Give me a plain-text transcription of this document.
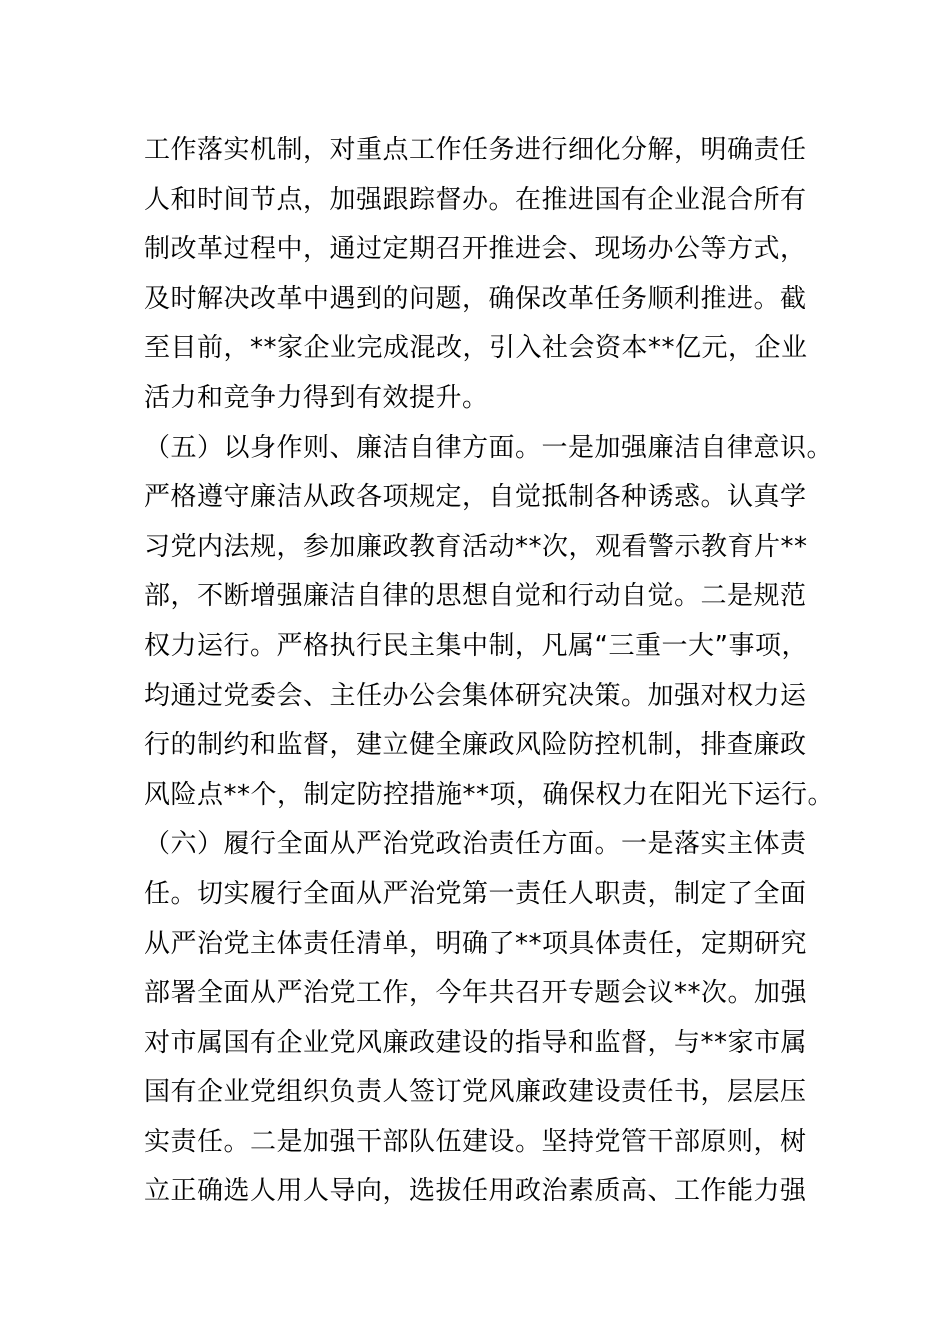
工作落实机制，对重点工作任务进行细化分解，明确责任
人和时间节点，加强跟踪督办。在推进国有企业混合所有
制改革过程中，通过定期召开推进会、现场办公等方式，
及时解决改革中遇到的问题，确保改革任务顺利推进。截
至目前，**家企业完成混改，引入社会资本**亿元，企业
活力和竞争力得到有效提升。
（五）以身作则、廉洁自律方面。一是加强廉洁自律意识。
严格遵守廉洁从政各项规定，自觉抵制各种诱惑。认真学
习党内法规，参加廉政教育活动**次，观看警示教育片**
部，不断增强廉洁自律的思想自觉和行动自觉。二是规范
权力运行。严格执行民主集中制，凡属“三重一大”事项，
均通过党委会、主任办公会集体研究决策。加强对权力运
行的制约和监督，建立健全廉政风险防控机制，排查廉政
风险点**个，制定防控措施**项，确保权力在阳光下运行。
（六）履行全面从严治党政治责任方面。一是落实主体责
任。切实履行全面从严治党第一责任人职责，制定了全面
从严治党主体责任清单，明确了**项具体责任，定期研究
部署全面从严治党工作，今年共召开专题会议**次。加强
对市属国有企业党风廉政建设的指导和监督，与**家市属
国有企业党组织负责人签订党风廉政建设责任书，层层压
实责任。二是加强干部队伍建设。坚持党管干部原则，树
立正确选人用人导向，选拔任用政治素质高、工作能力强
